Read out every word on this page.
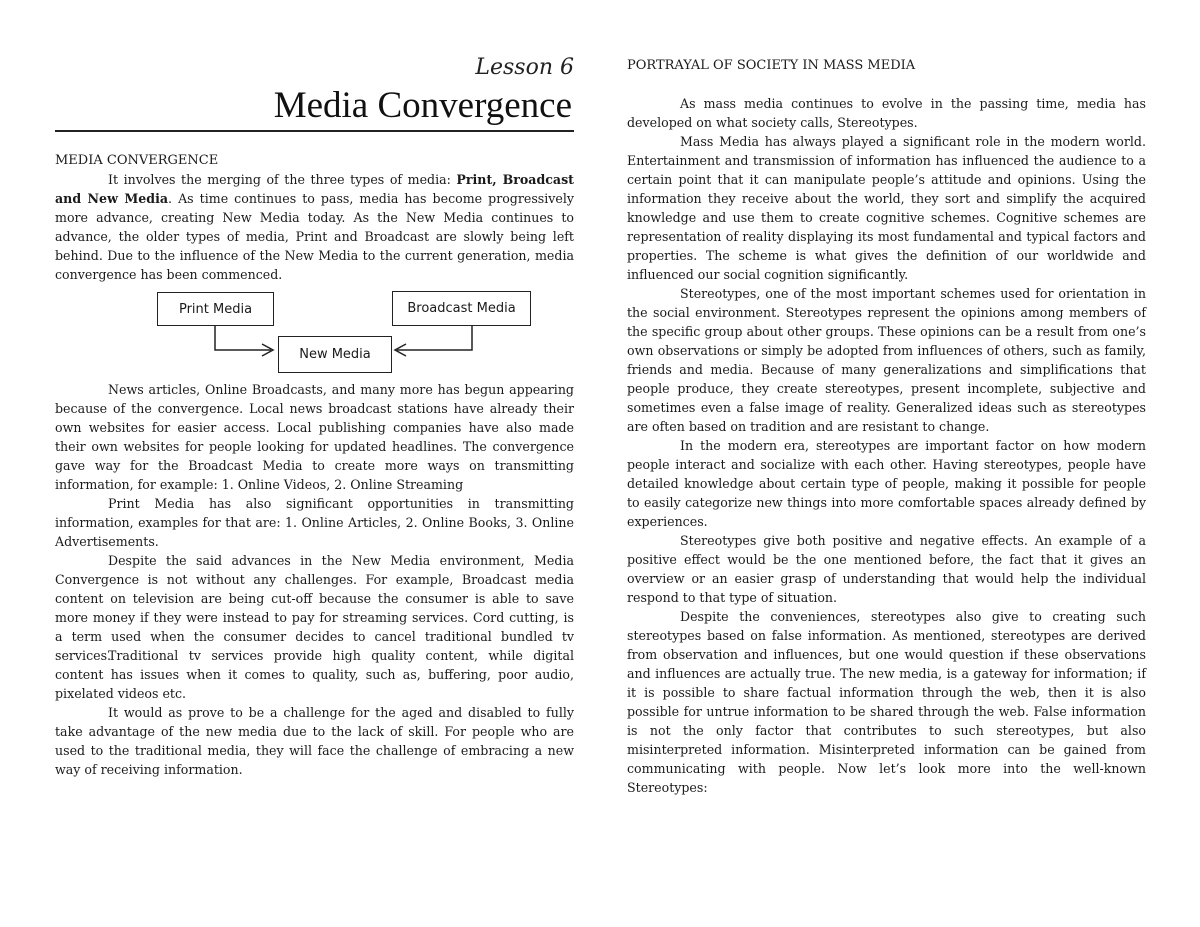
Lesson 6

Media Convergence
MEDIA CONVERGENCE

It involves the merging of the three types of media: Print, Broadcast and New Media. As time continues to pass, media has become progressively more advance, creating New Media today. As the New Media continues to advance, the older types of media, Print and Broadcast are slowly being left behind. Due to the influence of the New Media to the current generation, media convergence has been commenced.

Print Media	Broadcast Media
New Media

News articles, Online Broadcasts, and many more has begun appearing because of the convergence. Local news broadcast stations have already their own websites for easier access. Local publishing companies have also made their own websites for people looking for updated headlines. The convergence gave way for the Broadcast Media to create more ways on transmitting information, for example: 1. Online Videos, 2. Online Streaming

Print Media has also significant opportunities in transmitting information, examples for that are: 1. Online Articles, 2. Online Books, 3. Online Advertisements.

Despite the said advances in the New Media environment, Media Convergence is not without any challenges. For example, Broadcast media content on television are being cut-off because the consumer is able to save more money if they were instead to pay for streaming services. Cord cutting, is a term used when the consumer decides to cancel traditional bundled tv services.

Traditional tv services provide high quality content, while digital content has issues when it comes to quality, such as, buffering, poor audio, pixelated videos etc.

It would as prove to be a challenge for the aged and disabled to fully take advantage of the new media due to the lack of skill. For people who are used to the traditional media, they will face the challenge of embracing a new way of receiving information.

PORTRAYAL OF SOCIETY IN MASS MEDIA

As mass media continues to evolve in the passing time, media has developed on what society calls, Stereotypes.

Mass Media has always played a significant role in the modern world. Entertainment and transmission of information has influenced the audience to a certain point that it can manipulate people’s attitude and opinions. Using the information they receive about the world, they sort and simplify the acquired knowledge and use them to create cognitive schemes. Cognitive schemes are representation of reality displaying its most fundamental and typical factors and properties. The scheme is what gives the definition of our worldwide and influenced our social cognition significantly.

Stereotypes, one of the most important schemes used for orientation in the social environment. Stereotypes represent the opinions among members of the specific group about other groups. These opinions can be a result from one’s own observations or simply be adopted from influences of others, such as family, friends and media. Because of many generalizations and simplifications that people produce, they create stereotypes, present incomplete, subjective and sometimes even a false image of reality. Generalized ideas such as stereotypes are often based on tradition and are resistant to change.

In the modern era, stereotypes are important factor on how modern people interact and socialize with each other. Having stereotypes, people have detailed knowledge about certain type of people, making it possible for people to easily categorize new things into more comfortable spaces already defined by experiences.

Stereotypes give both positive and negative effects. An example of a positive effect would be the one mentioned before, the fact that it gives an overview or an easier grasp of understanding that would help the individual respond to that type of situation.

Despite the conveniences, stereotypes also give to creating such stereotypes based on false information. As mentioned, stereotypes are derived from observation and influences, but one would question if these observations and influences are actually true. The new media, is a gateway for information; if it is possible to share factual information through the web, then it is also possible for untrue information to be shared through the web. False information is not the only factor that contributes to such stereotypes, but also misinterpreted information. Misinterpreted information can be gained from communicating with people. Now let’s look more into the well-known Stereotypes:
